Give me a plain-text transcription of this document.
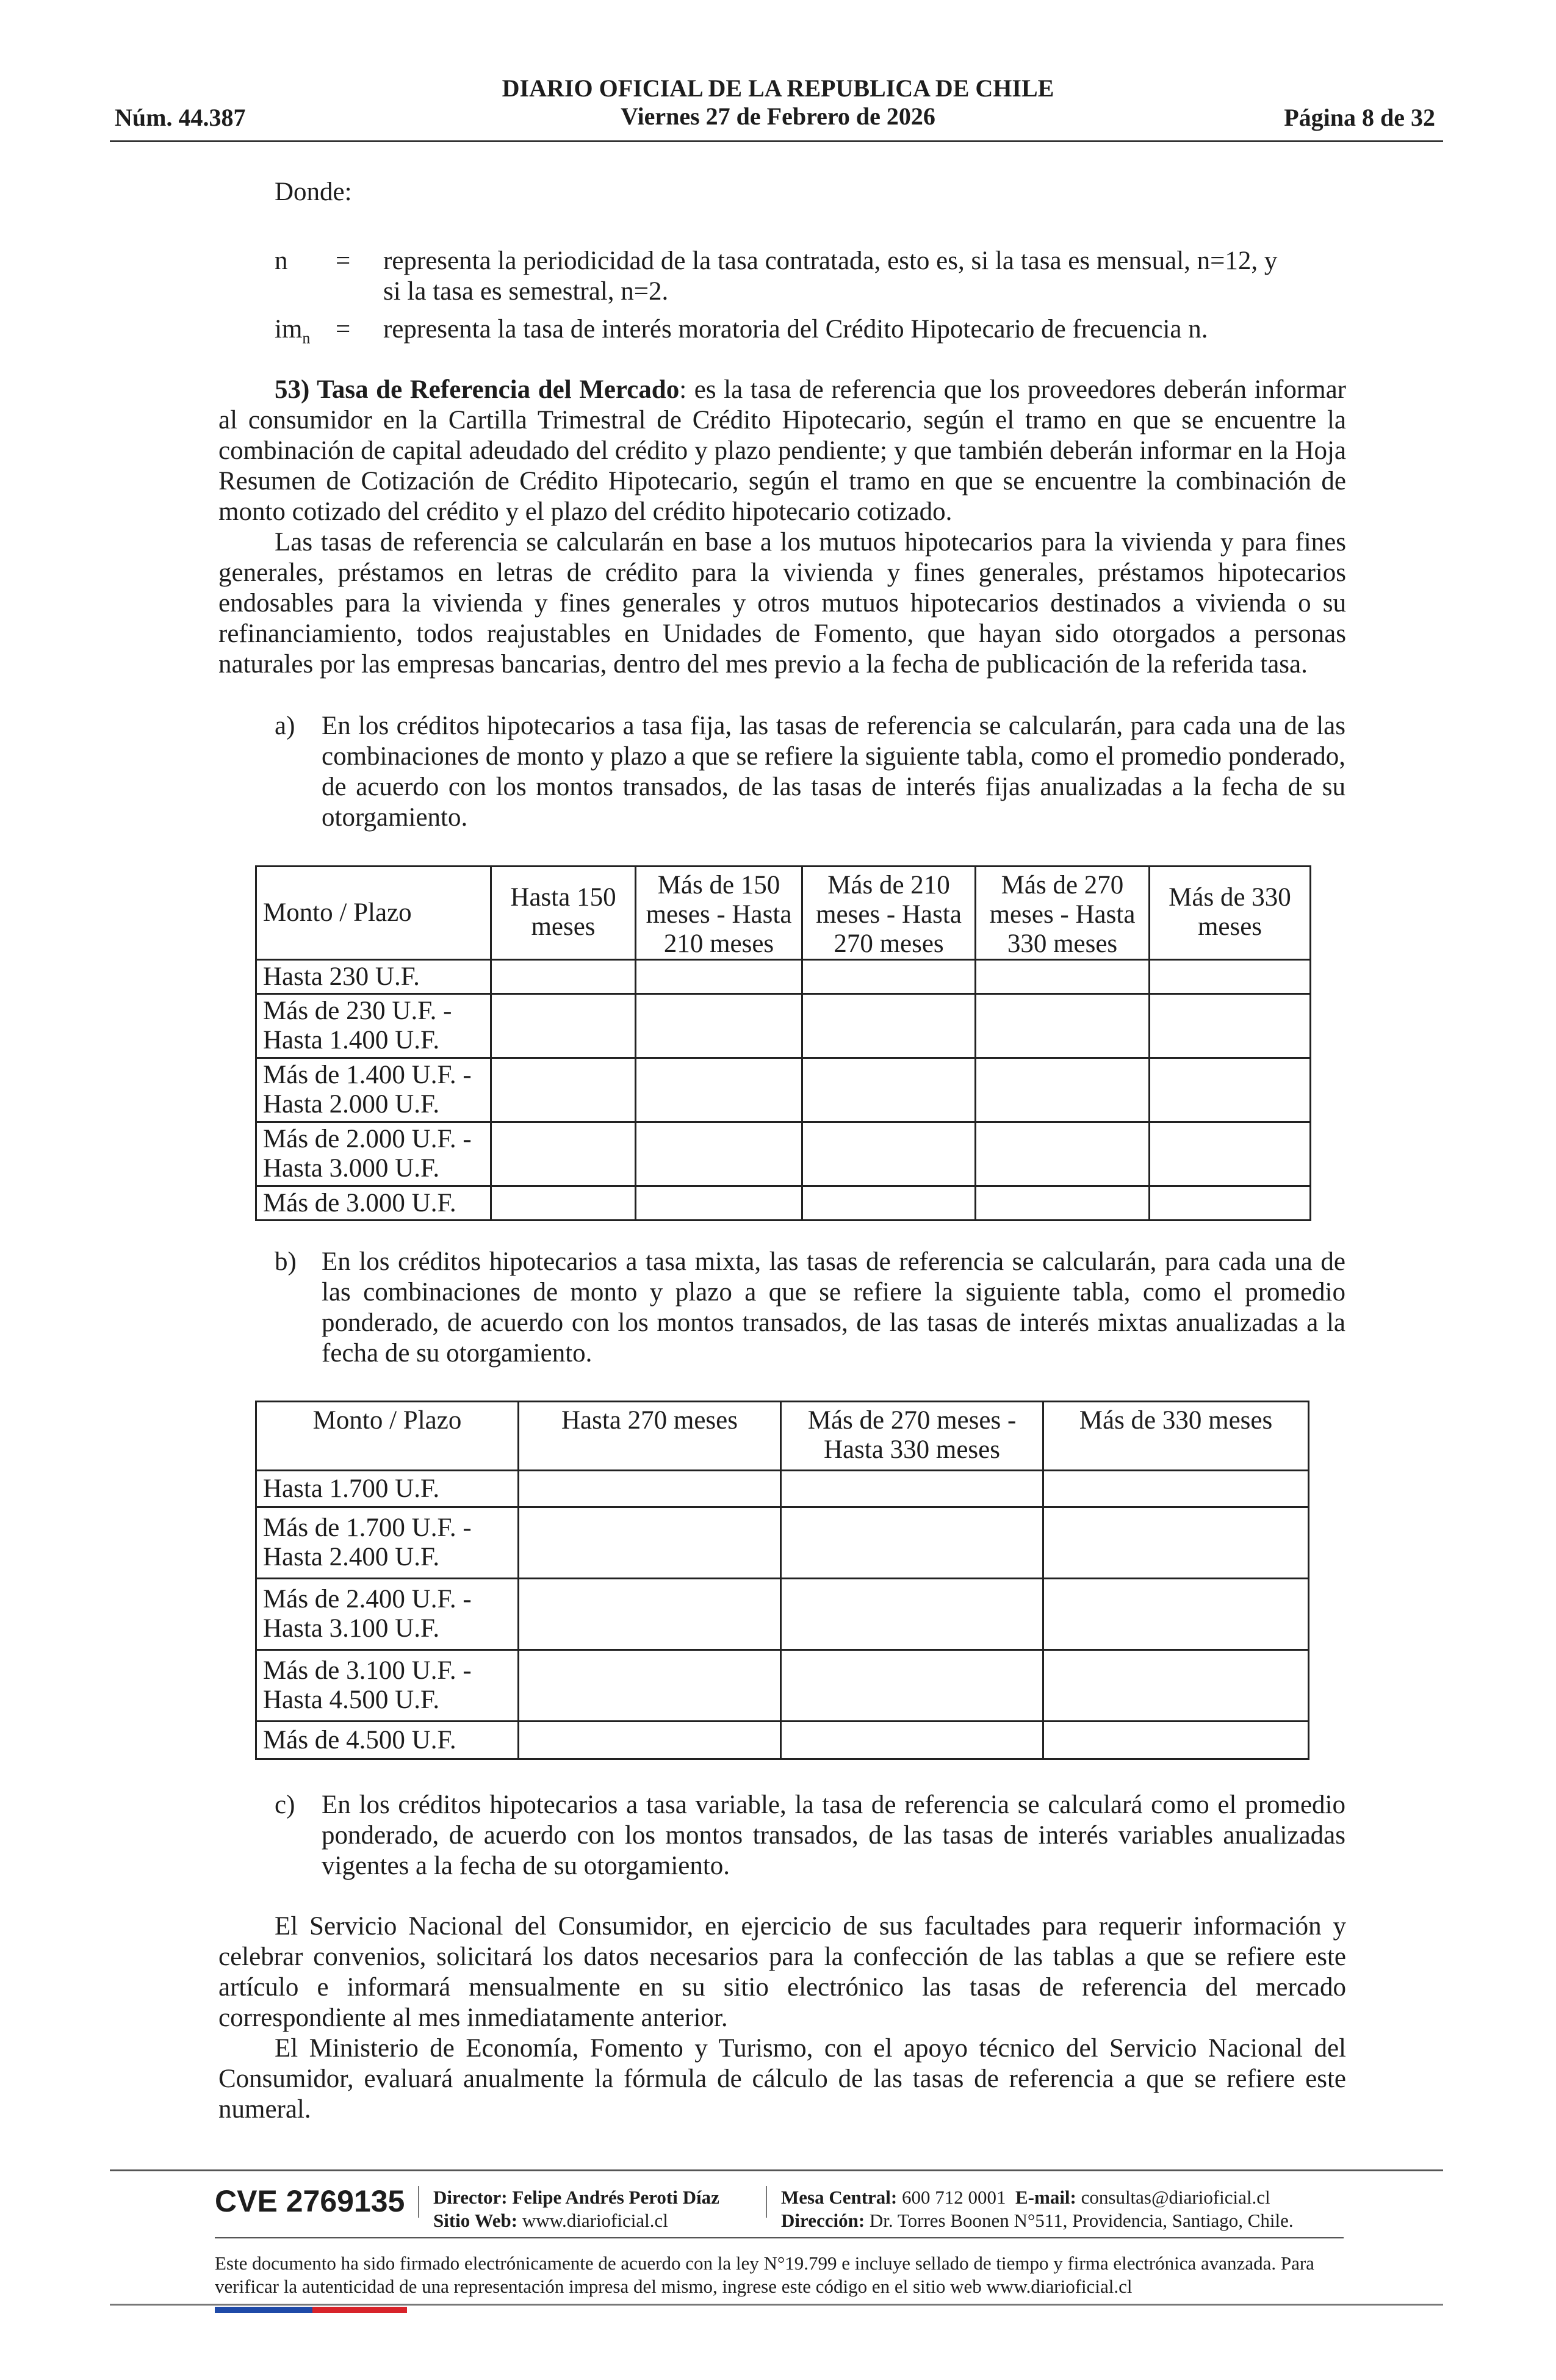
DIARIO OFICIAL DE LA REPUBLICA DE CHILE
Viernes 27 de Febrero de 2026
Núm. 44.387	Página 8 de 32
Donde:
n	=	representa la periodicidad de la tasa contratada, esto es, si la tasa es mensual, n=12, y si la tasa es semestral, n=2.
$im_n$ =	representa la tasa de interés moratoria del Crédito Hipotecario de frecuencia n.
53) Tasa de Referencia del Mercado: es la tasa de referencia que los proveedores deberán informar al consumidor en la Cartilla Trimestral de Crédito Hipotecario, según el tramo en que se encuentre la combinación de capital adeudado del crédito y plazo pendiente; y que también deberán informar en la Hoja Resumen de Cotización de Crédito Hipotecario, según el tramo en que se encuentre la combinación de monto cotizado del crédito y el plazo del crédito hipotecario cotizado.
Las tasas de referencia se calcularán en base a los mutuos hipotecarios para la vivienda y para fines generales, préstamos en letras de crédito para la vivienda y fines generales, préstamos hipotecarios endosables para la vivienda y fines generales y otros mutuos hipotecarios destinados a vivienda o su refinanciamiento, todos reajustables en Unidades de Fomento, que hayan sido otorgados a personas naturales por las empresas bancarias, dentro del mes previo a la fecha de publicación de la referida tasa.
a) En los créditos hipotecarios a tasa fija, las tasas de referencia se calcularán, para cada una de las combinaciones de monto y plazo a que se refiere la siguiente tabla, como el promedio ponderado, de acuerdo con los montos transados, de las tasas de interés fijas anualizadas a la fecha de su otorgamiento.
Monto / Plazo	Hasta 150 meses	Más de 150 meses - Hasta 210 meses	Más de 210 meses - Hasta 270 meses	Más de 270 meses - Hasta 330 meses	Más de 330 meses
Hasta 230 U.F.					
Más de 230 U.F. - Hasta 1.400 U.F.					
Más de 1.400 U.F. - Hasta 2.000 U.F.					
Más de 2.000 U.F. - Hasta 3.000 U.F.					
Más de 3.000 U.F.					
b) En los créditos hipotecarios a tasa mixta, las tasas de referencia se calcularán, para cada una de las combinaciones de monto y plazo a que se refiere la siguiente tabla, como el promedio ponderado, de acuerdo con los montos transados, de las tasas de interés mixtas anualizadas a la fecha de su otorgamiento.
Monto / Plazo	Hasta 270 meses	Más de 270 meses - Hasta 330 meses	Más de 330 meses
Hasta 1.700 U.F.			
Más de 1.700 U.F. - Hasta 2.400 U.F.			
Más de 2.400 U.F. - Hasta 3.100 U.F.			
Más de 3.100 U.F. - Hasta 4.500 U.F.			
Más de 4.500 U.F.			
c) En los créditos hipotecarios a tasa variable, la tasa de referencia se calculará como el promedio ponderado, de acuerdo con los montos transados, de las tasas de interés variables anualizadas vigentes a la fecha de su otorgamiento.
El Servicio Nacional del Consumidor, en ejercicio de sus facultades para requerir información y celebrar convenios, solicitará los datos necesarios para la confección de las tablas a que se refiere este artículo e informará mensualmente en su sitio electrónico las tasas de referencia del mercado correspondiente al mes inmediatamente anterior.
El Ministerio de Economía, Fomento y Turismo, con el apoyo técnico del Servicio Nacional del Consumidor, evaluará anualmente la fórmula de cálculo de las tasas de referencia a que se refiere este numeral.
CVE 2769135 Director: Felipe Andrés Peroti Díaz
Sitio Web: www.diarioficial.cl
Mesa Central: 600 712 0001 E-mail: consultas@diarioficial.cl
Dirección: Dr. Torres Boonen N°511, Providencia, Santiago, Chile.
Este documento ha sido firmado electrónicamente de acuerdo con la ley N°19.799 e incluye sellado de tiempo y firma electrónica avanzada. Para verificar la autenticidad de una representación impresa del mismo, ingrese este código en el sitio web www.diarioficial.cl
